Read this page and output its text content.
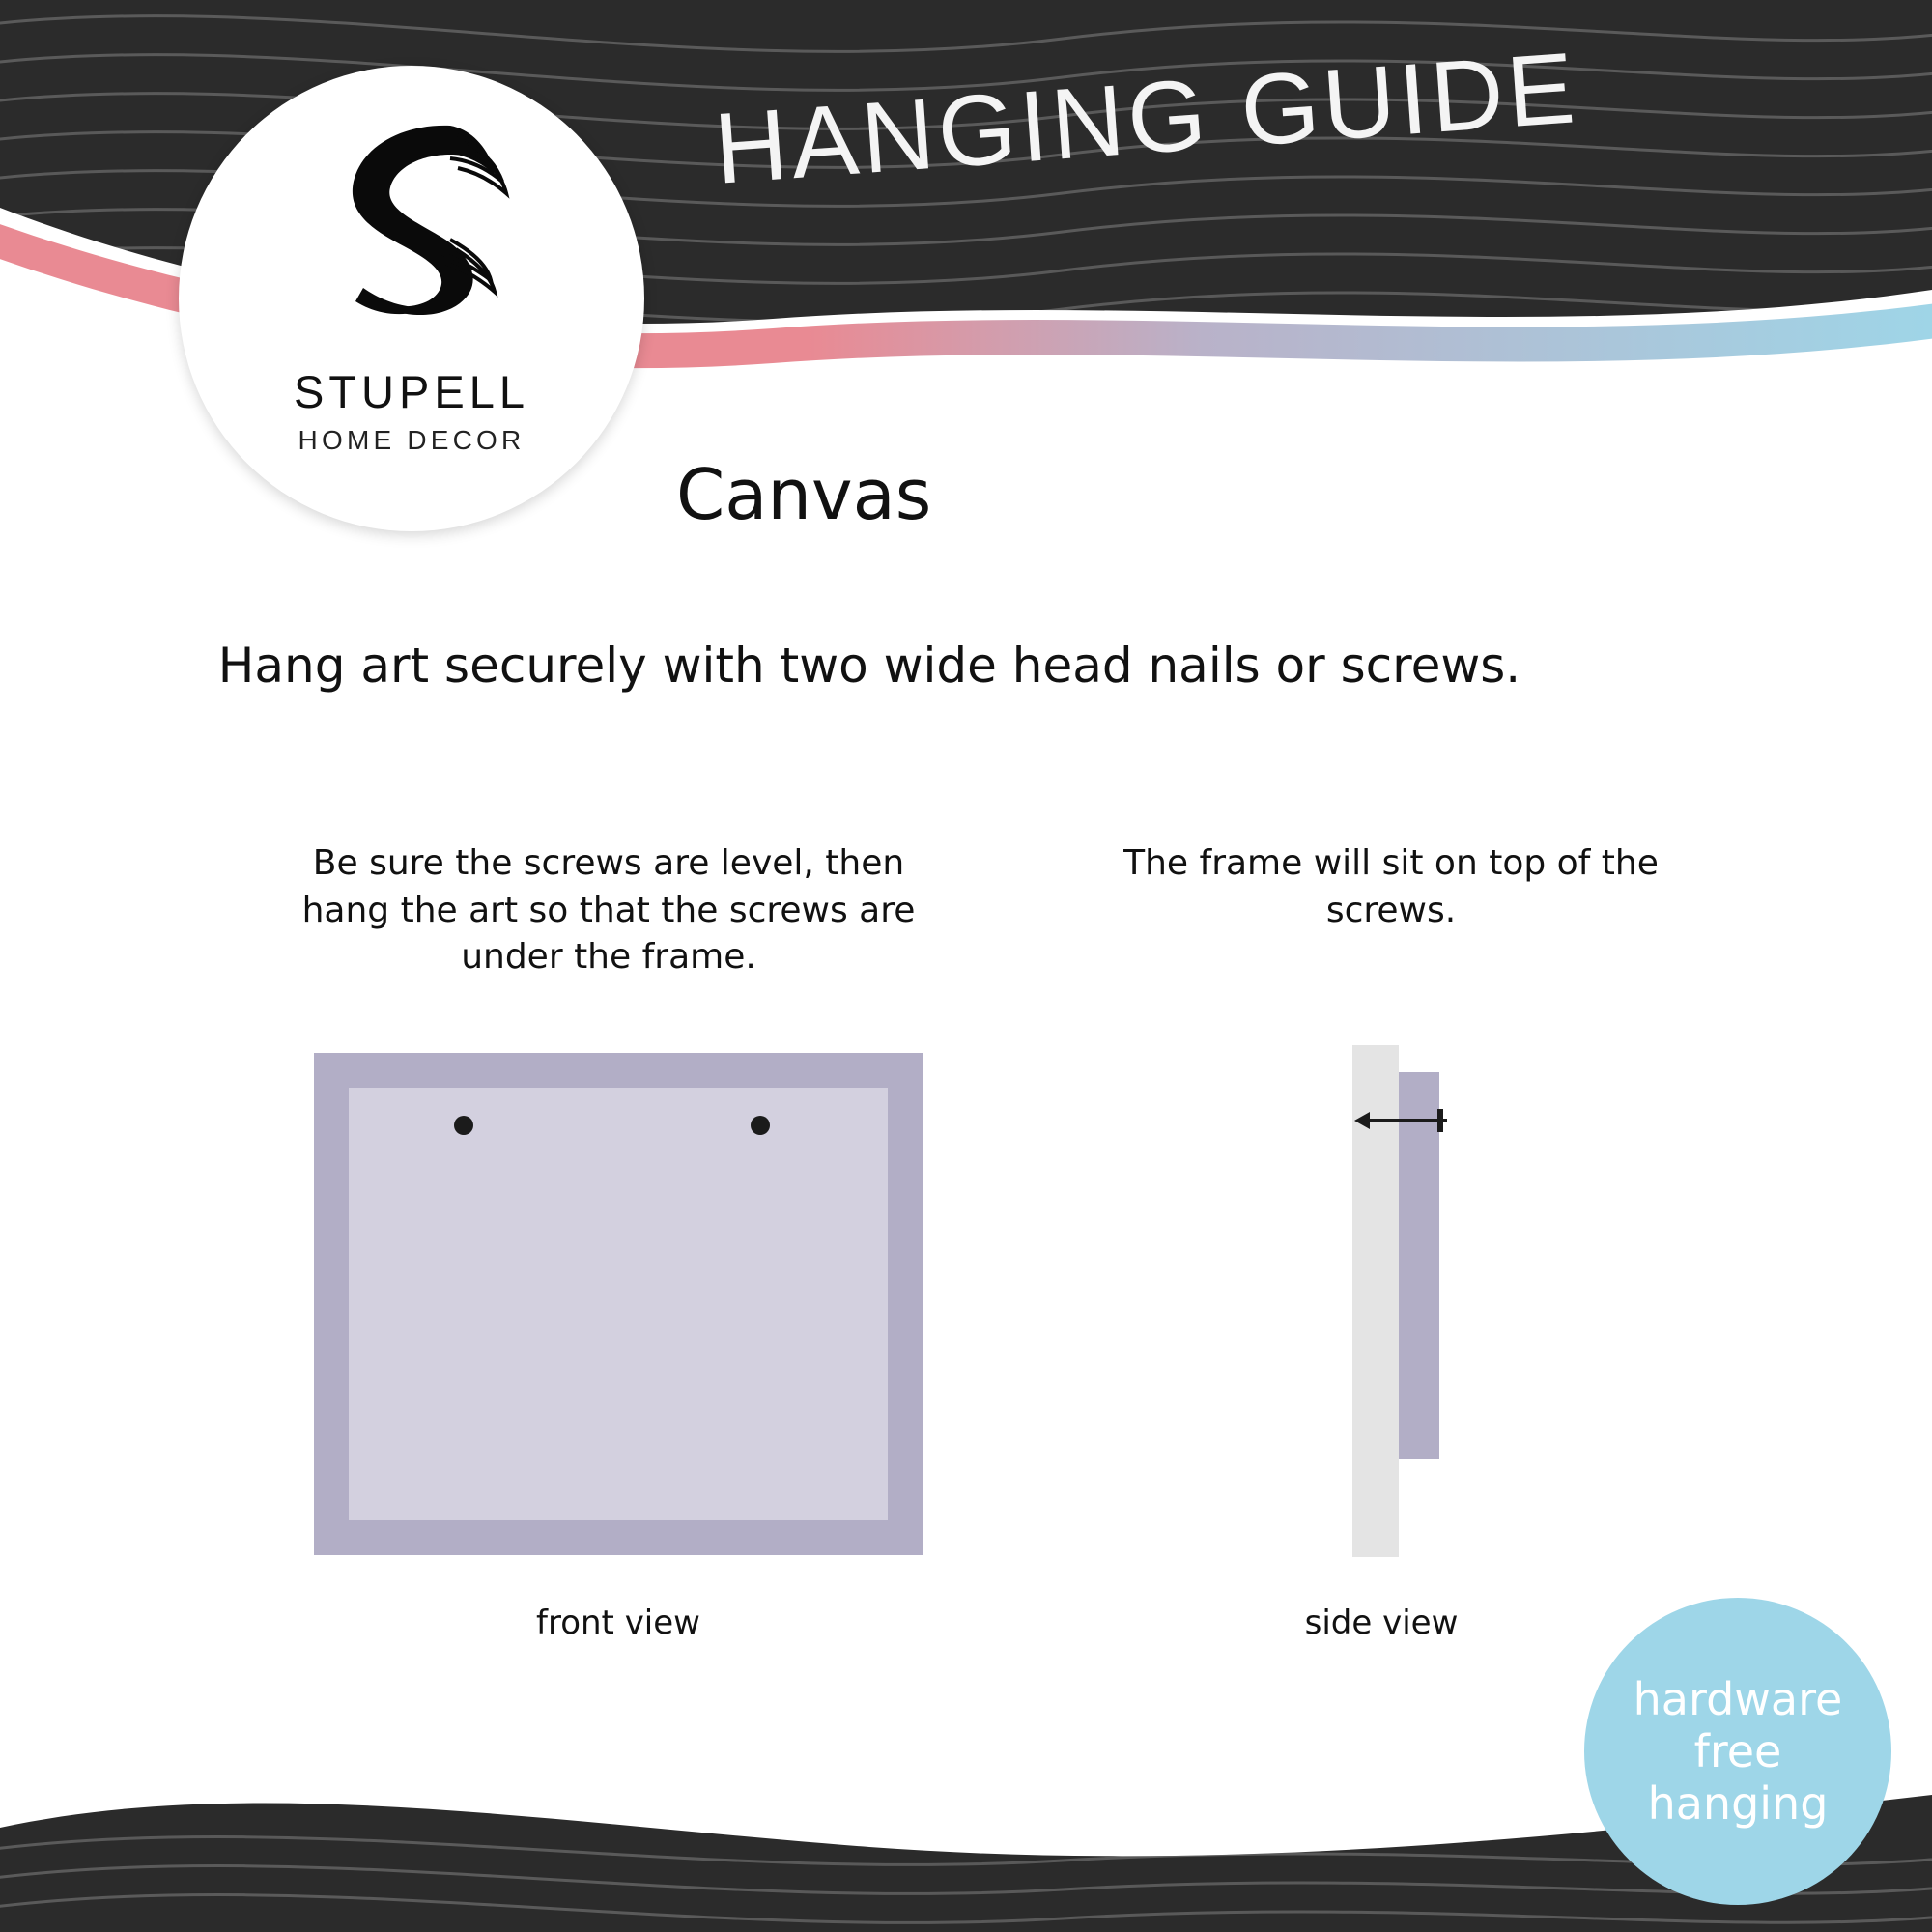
STUPELL
HOME DECOR
HANGING GUIDE
Canvas
Hang art securely with two wide head nails or screws.
Be sure the screws are level, then hang the art so that the screws are under the frame.
front view
The frame will sit on top of the screws.
side view
hardware
free
hanging
